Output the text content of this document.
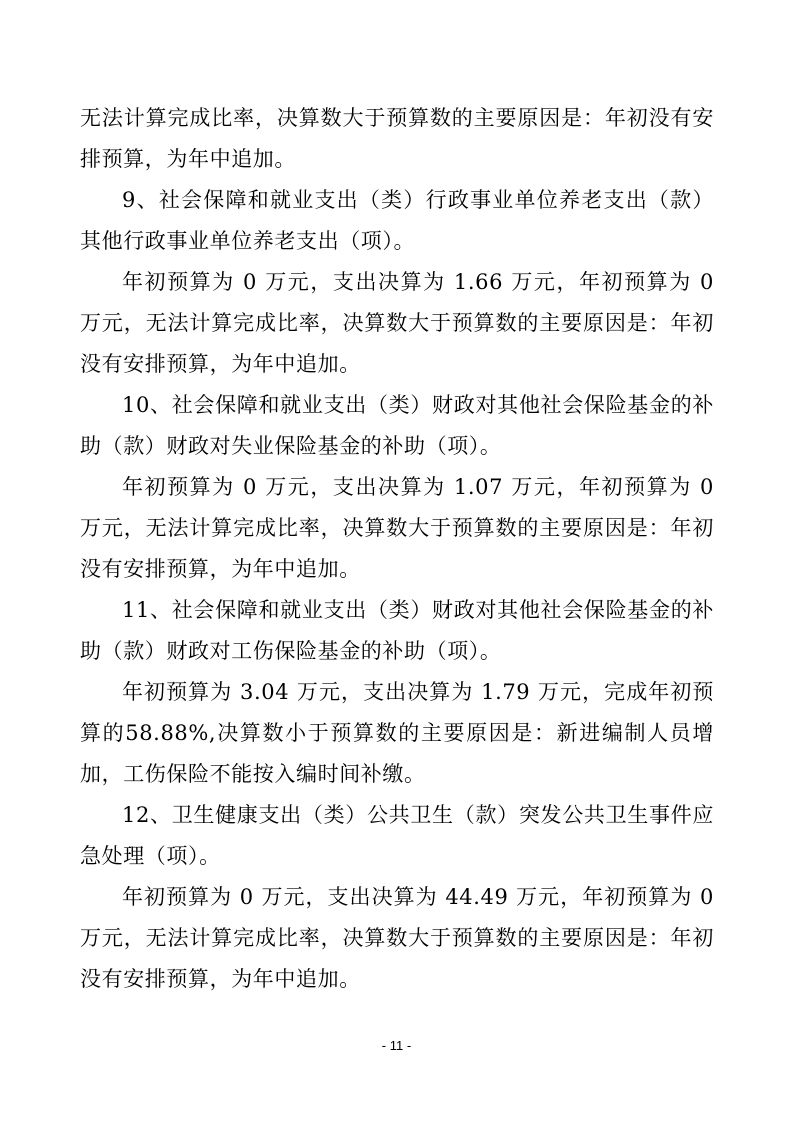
无法计算完成比率，决算数大于预算数的主要原因是：年初没有安排预算，为年中追加。

9、社会保障和就业支出（类）行政事业单位养老支出（款）其他行政事业单位养老支出（项）。

年初预算为 0 万元，支出决算为 1.66 万元，年初预算为 0 万元，无法计算完成比率，决算数大于预算数的主要原因是：年初没有安排预算，为年中追加。

10、社会保障和就业支出（类）财政对其他社会保险基金的补助（款）财政对失业保险基金的补助（项）。

年初预算为 0 万元，支出决算为 1.07 万元，年初预算为 0 万元，无法计算完成比率，决算数大于预算数的主要原因是：年初没有安排预算，为年中追加。

11、社会保障和就业支出（类）财政对其他社会保险基金的补助（款）财政对工伤保险基金的补助（项）。

年初预算为 3.04 万元，支出决算为 1.79 万元，完成年初预算的58.88%,决算数小于预算数的主要原因是：新进编制人员增加，工伤保险不能按入编时间补缴。

12、卫生健康支出（类）公共卫生（款）突发公共卫生事件应急处理（项）。

年初预算为 0 万元，支出决算为 44.49 万元，年初预算为 0 万元，无法计算完成比率，决算数大于预算数的主要原因是：年初没有安排预算，为年中追加。

- 11 -
